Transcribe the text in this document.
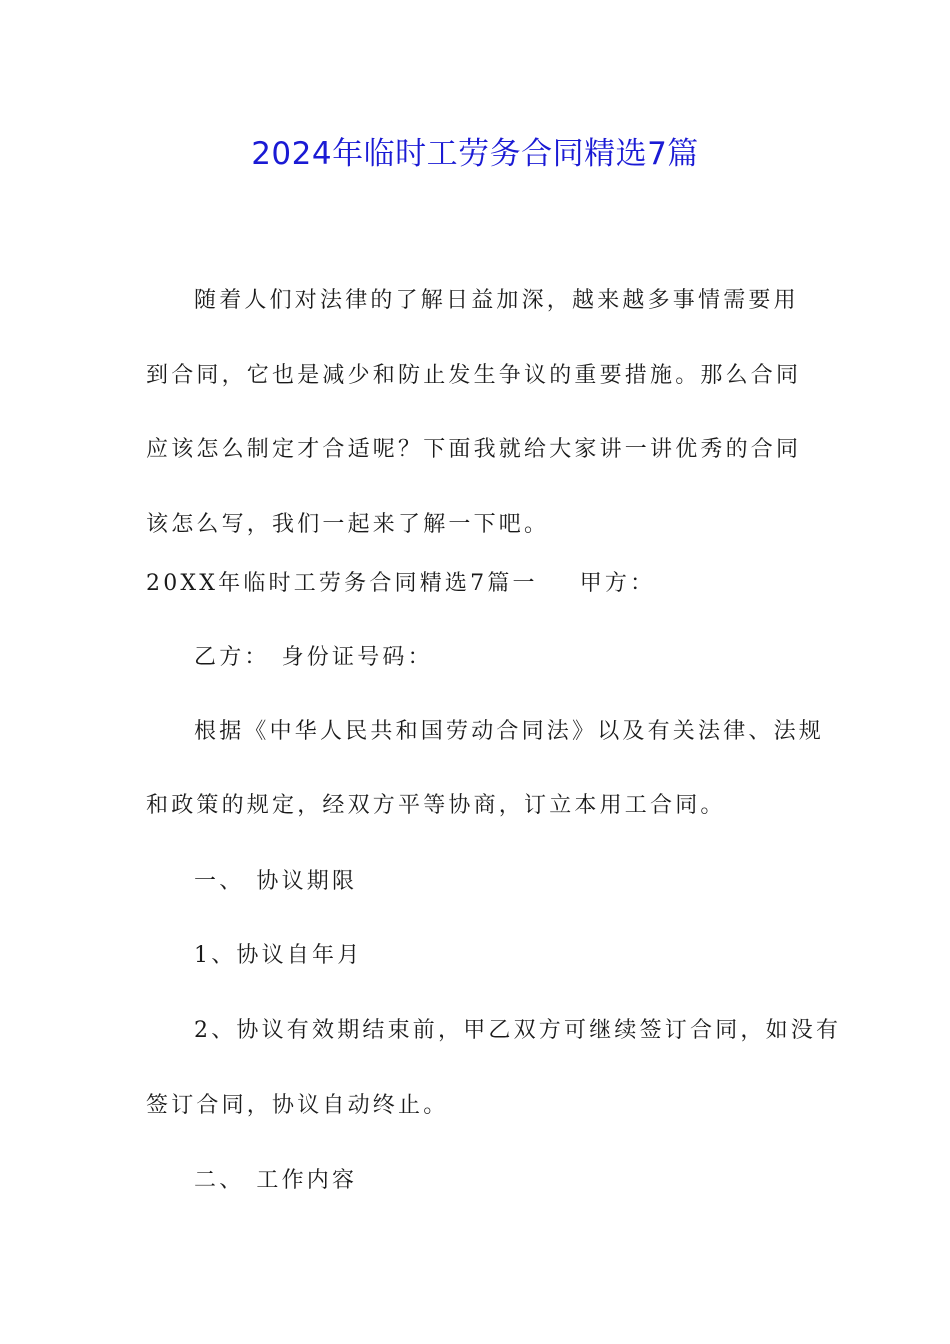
2024年临时工劳务合同精选7篇
随着人们对法律的了解日益加深，越来越多事情需要用到合同，它也是减少和防止发生争议的重要措施。那么合同应该怎么制定才合适呢？下面我就给大家讲一讲优秀的合同该怎么写，我们一起来了解一下吧。
20XX年临时工劳务合同精选7篇一 甲方：
乙方： 身份证号码：
根据《中华人民共和国劳动合同法》以及有关法律、法规
和政策的规定，经双方平等协商，订立本用工合同。
一、 协议期限
1、协议自年月
2、协议有效期结束前，甲乙双方可继续签订合同，如没有
签订合同，协议自动终止。
二、 工作内容
